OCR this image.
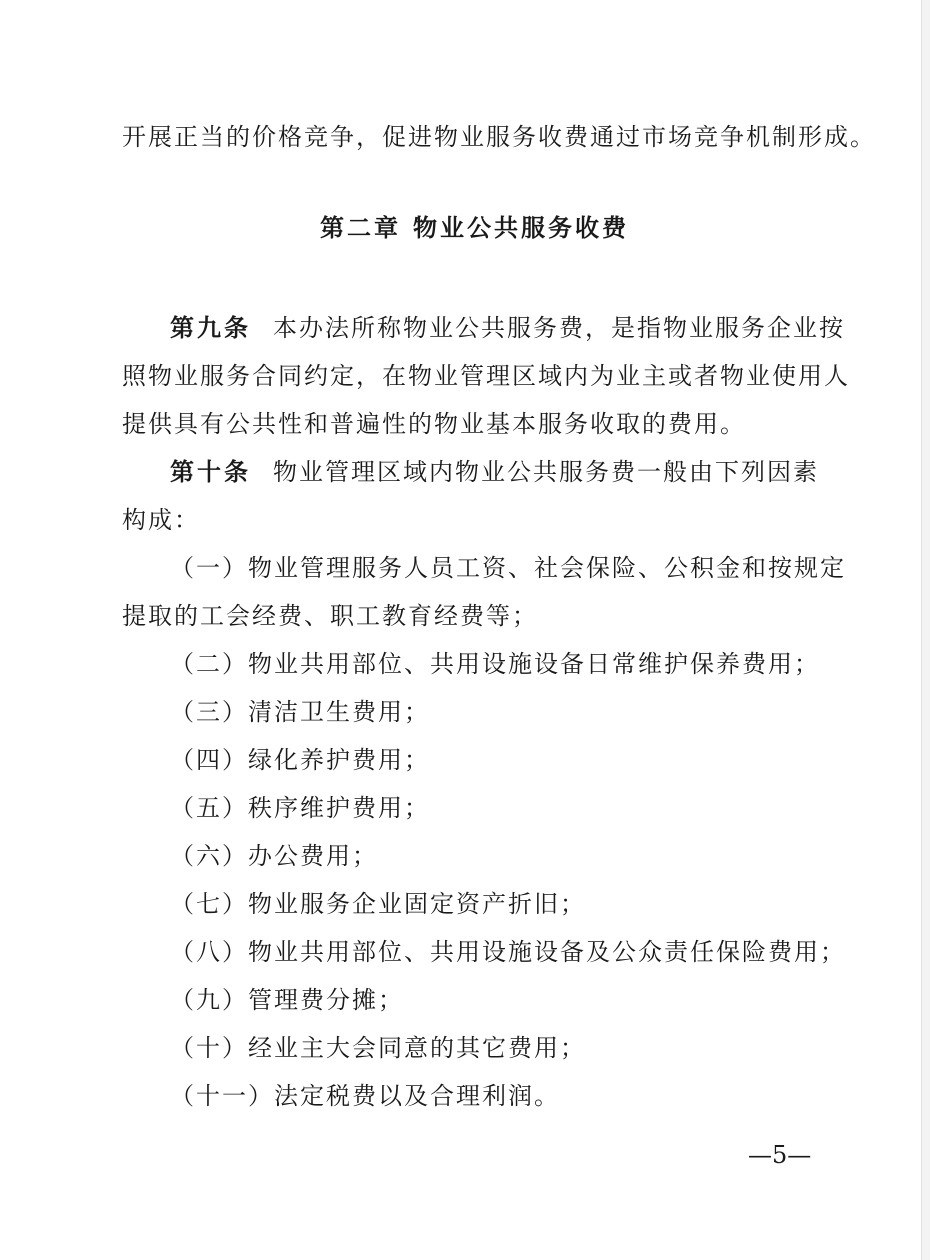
开展正当的价格竞争，促进物业服务收费通过市场竞争机制形成。
第二章 物业公共服务收费
第九条 本办法所称物业公共服务费，是指物业服务企业按
照物业服务合同约定，在物业管理区域内为业主或者物业使用人
提供具有公共性和普遍性的物业基本服务收取的费用。
第十条 物业管理区域内物业公共服务费一般由下列因素
构成：
（一）物业管理服务人员工资、社会保险、公积金和按规定
提取的工会经费、职工教育经费等；
（二）物业共用部位、共用设施设备日常维护保养费用；
（三）清洁卫生费用；
（四）绿化养护费用；
（五）秩序维护费用；
（六）办公费用；
（七）物业服务企业固定资产折旧；
（八）物业共用部位、共用设施设备及公众责任保险费用；
（九）管理费分摊；
（十）经业主大会同意的其它费用；
（十一）法定税费以及合理利润。
—5—
